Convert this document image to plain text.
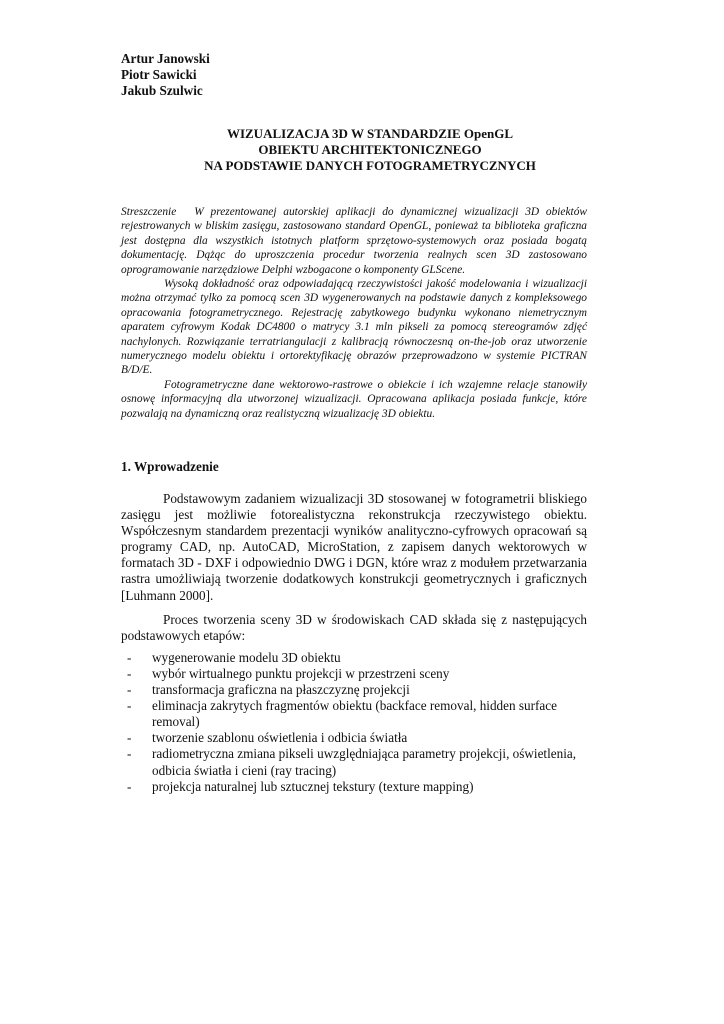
Artur Janowski
Piotr Sawicki
Jakub Szulwic
WIZUALIZACJA 3D W STANDARDZIE OpenGL
OBIEKTU ARCHITEKTONICZNEGO
NA PODSTAWIE DANYCH FOTOGRAMETRYCZNYCH

Streszczenie W prezentowanej autorskiej aplikacji do dynamicznej wizualizacji 3D obiektów rejestrowanych w bliskim zasięgu, zastosowano standard OpenGL, ponieważ ta biblioteka graficzna jest dostępna dla wszystkich istotnych platform sprzętowo-systemowych oraz posiada bogatą dokumentację. Dążąc do uproszczenia procedur tworzenia realnych scen 3D zastosowano oprogramowanie narzędziowe Delphi wzbogacone o komponenty GLScene.

Wysoką dokładność oraz odpowiadającą rzeczywistości jakość modelowania i wizualizacji można otrzymać tylko za pomocą scen 3D wygenerowanych na podstawie danych z kompleksowego opracowania fotogrametrycznego. Rejestrację zabytkowego budynku wykonano niemetrycznym aparatem cyfrowym Kodak DC4800 o matrycy 3.1 mln pikseli za pomocą stereogramów zdjęć nachylonych. Rozwiązanie terratriangulacji z kalibracją równoczesną on-the-job oraz utworzenie numerycznego modelu obiektu i ortorektyfikację obrazów przeprowadzono w systemie PICTRAN B/D/E.

Fotogrametryczne dane wektorowo-rastrowe o obiekcie i ich wzajemne relacje stanowiły osnowę informacyjną dla utworzonej wizualizacji. Opracowana aplikacja posiada funkcje, które pozwalają na dynamiczną oraz realistyczną wizualizację 3D obiektu.

1. Wprowadzenie

Podstawowym zadaniem wizualizacji 3D stosowanej w fotogrametrii bliskiego zasięgu jest możliwie fotorealistyczna rekonstrukcja rzeczywistego obiektu. Współczesnym standardem prezentacji wyników analityczno-cyfrowych opracowań są programy CAD, np. AutoCAD, MicroStation, z zapisem danych wektorowych w formatach 3D - DXF i odpowiednio DWG i DGN, które wraz z modułem przetwarzania rastra umożliwiają tworzenie dodatkowych konstrukcji geometrycznych i graficznych [Luhmann 2000].

Proces tworzenia sceny 3D w środowiskach CAD składa się z następujących podstawowych etapów:

- wygenerowanie modelu 3D obiektu
- wybór wirtualnego punktu projekcji w przestrzeni sceny
- transformacja graficzna na płaszczyznę projekcji
- eliminacja zakrytych fragmentów obiektu (backface removal, hidden surface removal)
- tworzenie szablonu oświetlenia i odbicia światła
- radiometryczna zmiana pikseli uwzględniająca parametry projekcji, oświetlenia, odbicia światła i cieni (ray tracing)
- projekcja naturalnej lub sztucznej tekstury (texture mapping)
